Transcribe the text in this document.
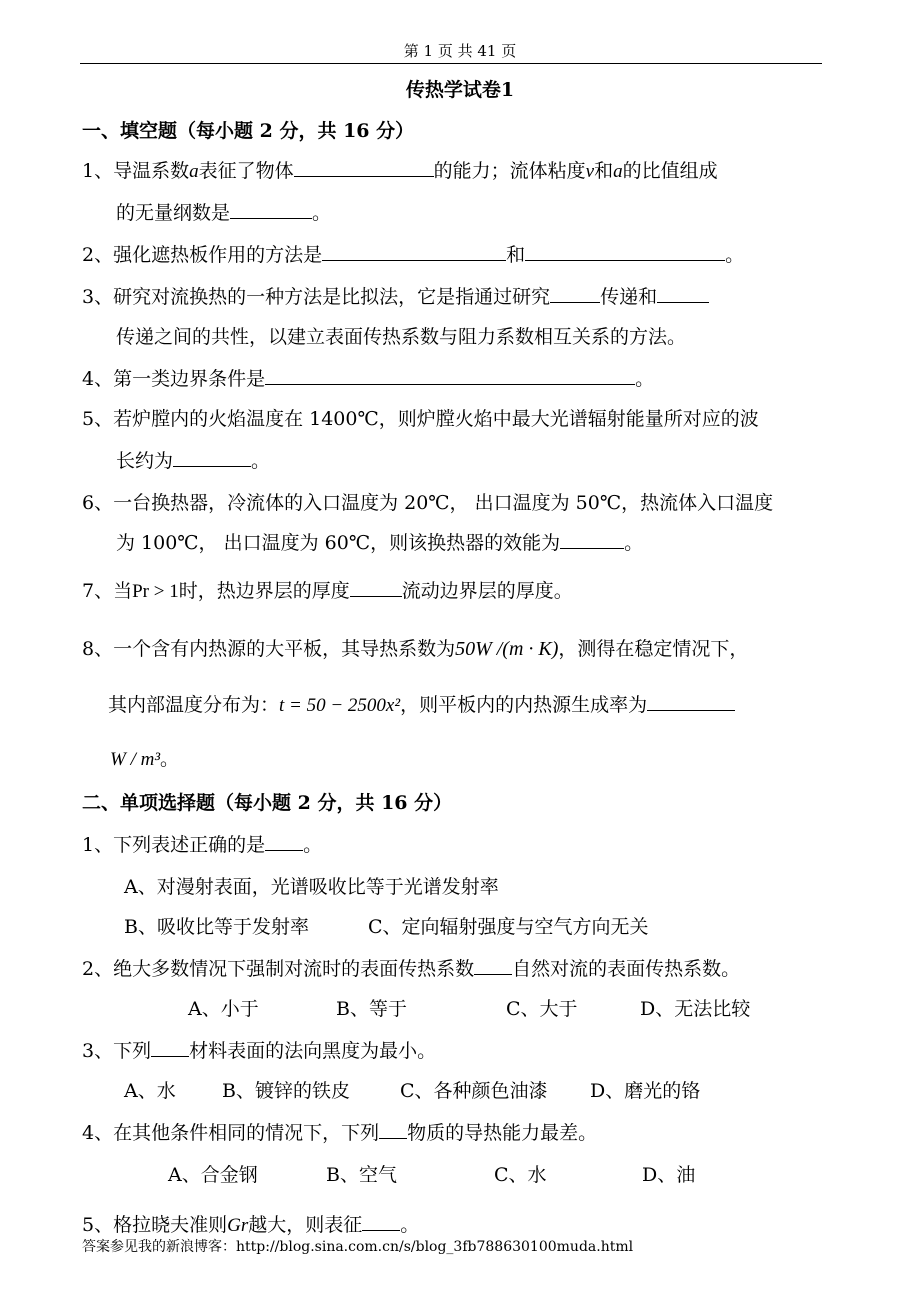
第 1 页 共 41 页
传热学试卷1
一、填空题（每小题 2 分，共 16 分）
1、导温系数a表征了物体	的能力；流体粘度ν和a的比值组成
的无量纲数是	。
2、强化遮热板作用的方法是	和	。
3、研究对流换热的一种方法是比拟法，它是指通过研究	传递和
传递之间的共性，以建立表面传热系数与阻力系数相互关系的方法。
4、第一类边界条件是	。
5、若炉膛内的火焰温度在 1400℃，则炉膛火焰中最大光谱辐射能量所对应的波
长约为	。
6、一台换热器，冷流体的入口温度为 20℃， 出口温度为 50℃，热流体入口温度
为 100℃， 出口温度为 60℃，则该换热器的效能为	。
7、当Pr > 1时，热边界层的厚度	流动边界层的厚度。
8、一个含有内热源的大平板，其导热系数为50W /(m · K)，测得在稳定情况下，
其内部温度分布为：t = 50 − 2500x²，则平板内的内热源生成率为
W / m³。
二、单项选择题（每小题 2 分，共 16 分）
1、下列表述正确的是 。
A、对漫射表面，光谱吸收比等于光谱发射率
B、吸收比等于发射率	C、定向辐射强度与空气方向无关
2、绝大多数情况下强制对流时的表面传热系数 自然对流的表面传热系数。
A、小于	B、等于	C、大于	D、无法比较
3、下列 材料表面的法向黑度为最小。
A、水 B、镀锌的铁皮	C、各种颜色油漆 D、磨光的铬
4、在其他条件相同的情况下，下列 物质的导热能力最差。
A、合金钢	B、空气	C、水	D、油
5、格拉晓夫准则Gr越大，则表征 。
答案参见我的新浪博客：http://blog.sina.com.cn/s/blog_3fb788630100muda.html
